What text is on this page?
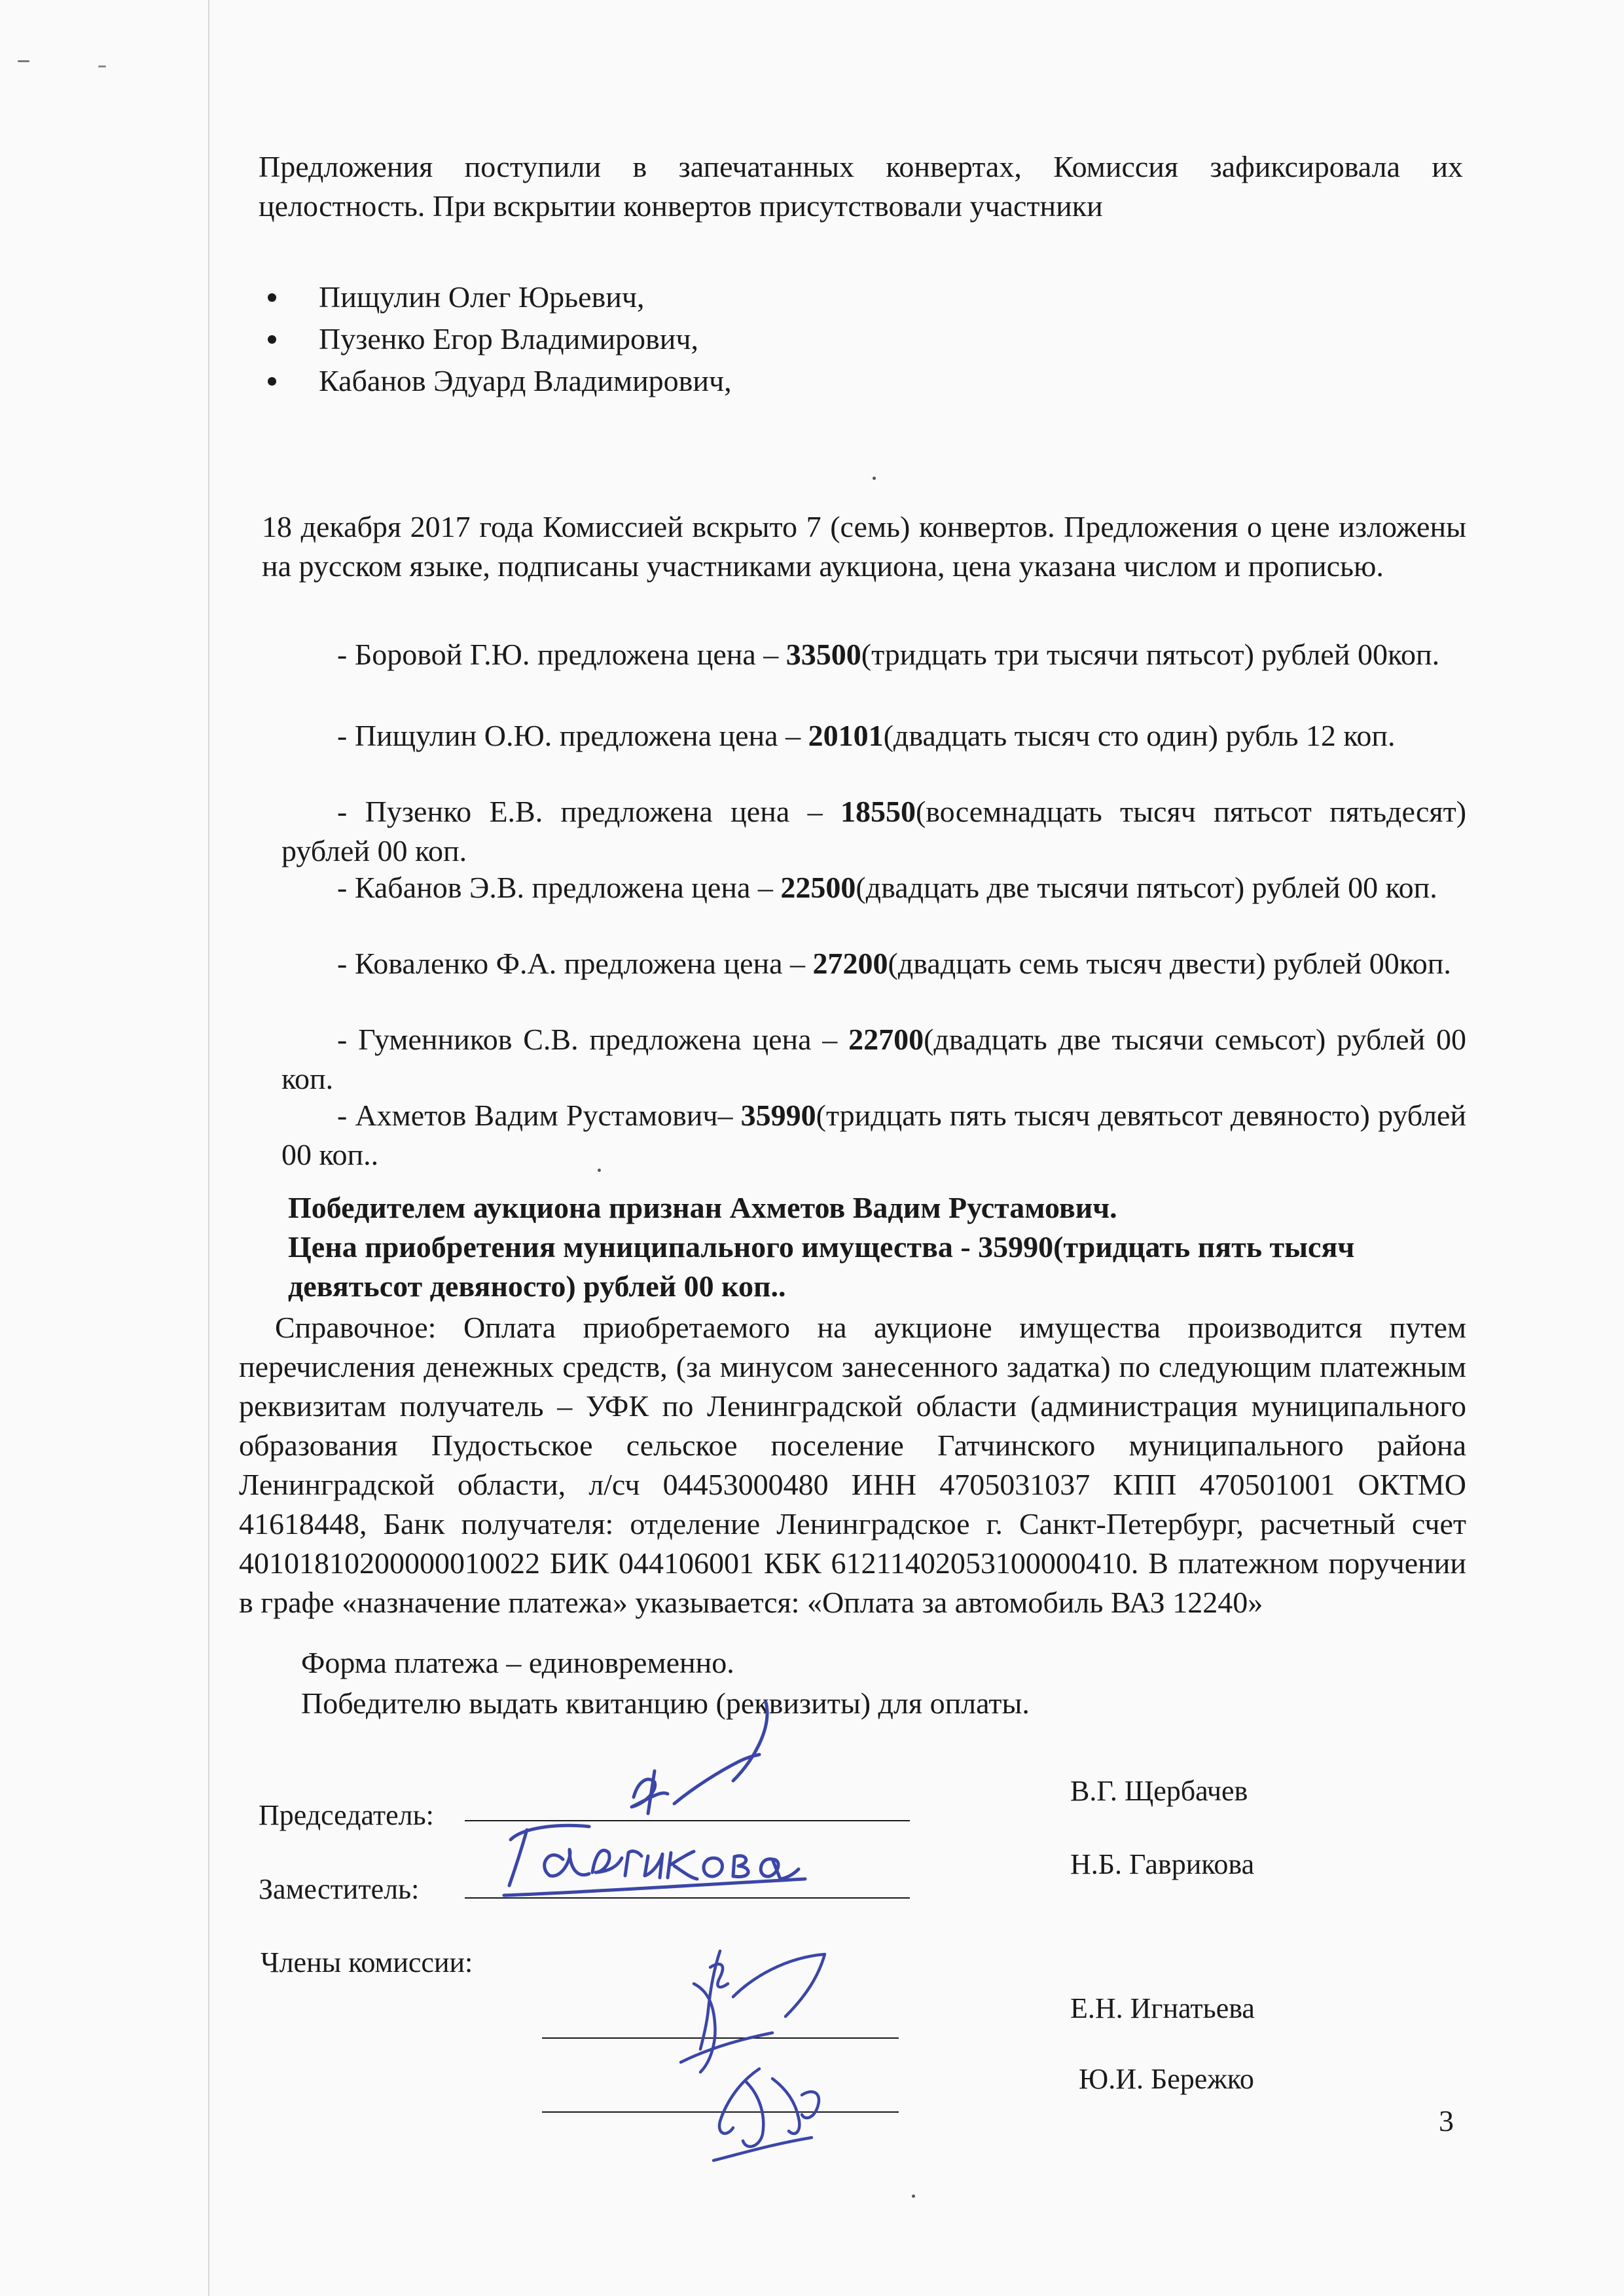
Предложения поступили в запечатанных конвертах, Комиссия зафиксировала их целостность. При вскрытии конвертов присутствовали участники

Пищулин Олег Юрьевич,
Пузенко Егор Владимирович,
Кабанов Эдуард Владимирович,

18 декабря 2017 года Комиссией вскрыто 7 (семь) конвертов. Предложения о цене изложены на русском языке, подписаны участниками аукциона, цена указана числом и прописью.

- Боровой Г.Ю. предложена цена – 33500(тридцать три тысячи пятьсот) рублей 00коп.

- Пищулин О.Ю. предложена цена – 20101(двадцать тысяч сто один) рубль 12 коп.

- Пузенко Е.В. предложена цена – 18550(восемнадцать тысяч пятьсот пятьдесят) рублей 00 коп.

- Кабанов Э.В. предложена цена – 22500(двадцать две тысячи пятьсот) рублей 00 коп.

- Коваленко Ф.А. предложена цена – 27200(двадцать семь тысяч двести) рублей 00коп.

- Гуменников С.В. предложена цена – 22700(двадцать две тысячи семьсот) рублей 00 коп.

- Ахметов Вадим Рустамович– 35990(тридцать пять тысяч девятьсот девяносто) рублей 00 коп..

Победителем аукциона признан Ахметов Вадим Рустамович.

Цена приобретения муниципального имущества - 35990(тридцать пять тысяч

девятьсот девяносто) рублей 00 коп..

Справочное: Оплата приобретаемого на аукционе имущества производится путем перечисления денежных средств, (за минусом занесенного задатка) по следующим платежным реквизитам получатель – УФК по Ленинградской области (администрация муниципального образования Пудостьское сельское поселение Гатчинского муниципального района Ленинградской области, л/сч 04453000480 ИНН 4705031037 КПП 470501001 ОКТМО 41618448, Банк получателя: отделение Ленинградское г. Санкт-Петербург, расчетный счет 40101810200000010022 БИК 044106001 КБК 61211402053100000410. В платежном поручении в графе «назначение платежа» указывается: «Оплата за автомобиль ВАЗ 12240»

Форма платежа – единовременно.

Победителю выдать квитанцию (реквизиты) для оплаты.

Председатель:
В.Г. Щербачев
Заместитель:
Н.Б. Гаврикова
Члены комиссии:
Е.Н. Игнатьева
Ю.И. Бережко
3
